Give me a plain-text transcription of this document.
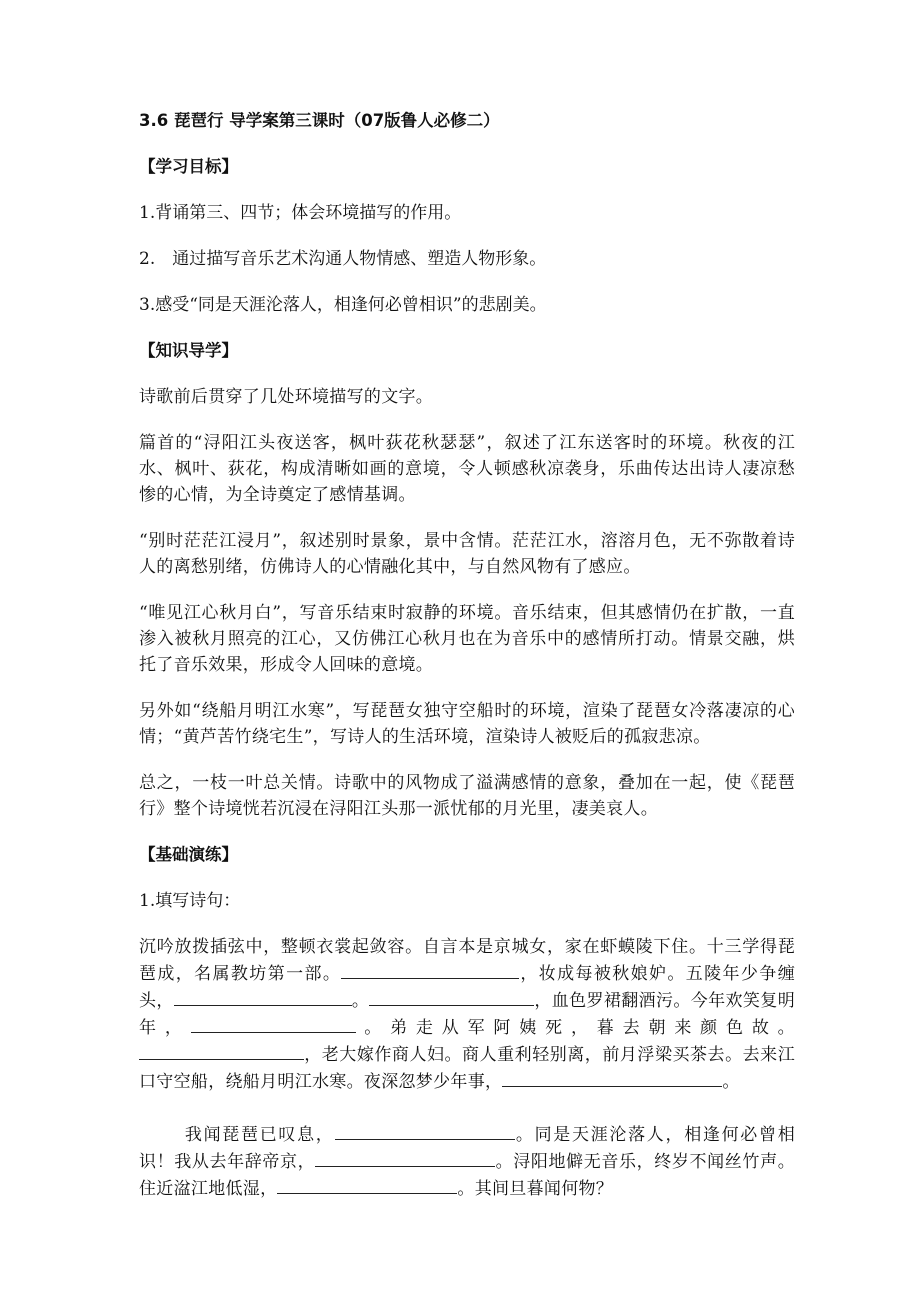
3.6 琵琶行 导学案第三课时（07版鲁人必修二）

【学习目标】

1.背诵第三、四节；体会环境描写的作用。

2.　通过描写音乐艺术沟通人物情感、塑造人物形象。

3.感受“同是天涯沦落人，相逢何必曾相识”的悲剧美。

【知识导学】

诗歌前后贯穿了几处环境描写的文字。

篇首的“浔阳江头夜送客，枫叶荻花秋瑟瑟”，叙述了江东送客时的环境。秋夜的江水、枫叶、荻花，构成清晰如画的意境，令人顿感秋凉袭身，乐曲传达出诗人凄凉愁惨的心情，为全诗奠定了感情基调。

“别时茫茫江浸月”，叙述别时景象，景中含情。茫茫江水，溶溶月色，无不弥散着诗人的离愁别绪，仿佛诗人的心情融化其中，与自然风物有了感应。

“唯见江心秋月白”，写音乐结束时寂静的环境。音乐结束，但其感情仍在扩散，一直渗入被秋月照亮的江心，又仿佛江心秋月也在为音乐中的感情所打动。情景交融，烘托了音乐效果，形成令人回味的意境。

另外如“绕船月明江水寒”，写琵琶女独守空船时的环境，渲染了琵琶女冷落凄凉的心情；“黄芦苦竹绕宅生”，写诗人的生活环境，渲染诗人被贬后的孤寂悲凉。

总之，一枝一叶总关情。诗歌中的风物成了溢满感情的意象，叠加在一起，使《琵琶行》整个诗境恍若沉浸在浔阳江头那一派忧郁的月光里，凄美哀人。

【基础演练】

1.填写诗句：

沉吟放拨插弦中，整顿衣裳起敛容。自言本是京城女，家在虾蟆陵下住。十三学得琵琶成，名属教坊第一部。	，妆成每被秋娘妒。五陵年少争缠头，	。	，血色罗裙翻酒污。今年欢笑复明年，	。弟走从军阿姨死，暮去朝来颜色故。，老大嫁作商人妇。商人重利轻别离，前月浮梁买茶去。去来江口守空船，绕船月明江水寒。夜深忽梦少年事，	。

我闻琵琶已叹息，	。同是天涯沦落人，相逢何必曾相识！我从去年辞帝京，	。浔阳地僻无音乐，终岁不闻丝竹声。住近湓江地低湿，	。其间旦暮闻何物？
